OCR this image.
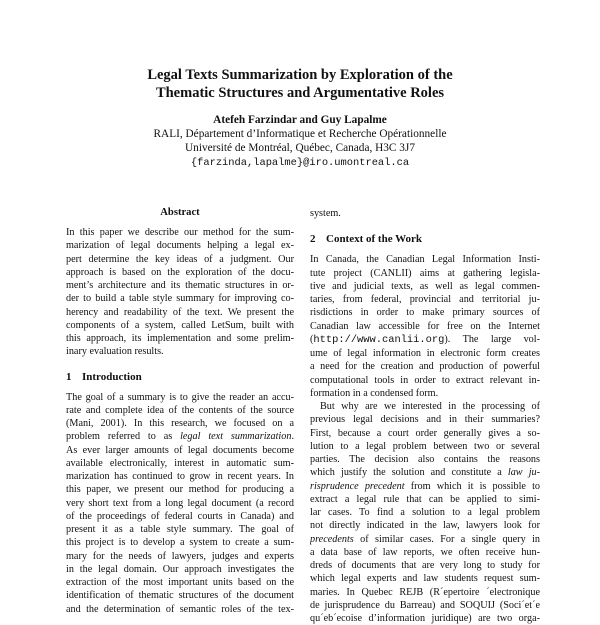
Legal Texts Summarization by Exploration of the
Thematic Structures and Argumentative Roles
Atefeh Farzindar and Guy Lapalme
RALI, Département d’Informatique et Recherche Opérationnelle
Université de Montréal, Québec, Canada, H3C 3J7
{farzinda,lapalme}@iro.umontreal.ca
Abstract
In this paper we describe our method for the sum-
marization of legal documents helping a legal ex-
pert determine the key ideas of a judgment. Our
approach is based on the exploration of the docu-
ment’s architecture and its thematic structures in or-
der to build a table style summary for improving co-
herency and readability of the text. We present the
components of a system, called LetSum, built with
this approach, its implementation and some prelim-
inary evaluation results.
1 Introduction
The goal of a summary is to give the reader an accu-
rate and complete idea of the contents of the source
(Mani, 2001). In this research, we focused on a
problem referred to as legal text summarization.
As ever larger amounts of legal documents become
available electronically, interest in automatic sum-
marization has continued to grow in recent years. In
this paper, we present our method for producing a
very short text from a long legal document (a record
of the proceedings of federal courts in Canada) and
present it as a table style summary. The goal of
this project is to develop a system to create a sum-
mary for the needs of lawyers, judges and experts
in the legal domain. Our approach investigates the
extraction of the most important units based on the
identification of thematic structures of the document
and the determination of semantic roles of the tex-
system.
2 Context of the Work
In Canada, the Canadian Legal Information Insti-
tute project (CANLII) aims at gathering legisla-
tive and judicial texts, as well as legal commen-
taries, from federal, provincial and territorial ju-
risdictions in order to make primary sources of
Canadian law accessible for free on the Internet
(http://www.canlii.org). The large vol-
ume of legal information in electronic form creates
a need for the creation and production of powerful
computational tools in order to extract relevant in-
formation in a condensed form.
But why are we interested in the processing of
previous legal decisions and in their summaries?
First, because a court order generally gives a so-
lution to a legal problem between two or several
parties. The decision also contains the reasons
which justify the solution and constitute a law ju-
risprudence precedent from which it is possible to
extract a legal rule that can be applied to simi-
lar cases. To find a solution to a legal problem
not directly indicated in the law, lawyers look for
precedents of similar cases. For a single query in
a data base of law reports, we often receive hun-
dreds of documents that are very long to study for
which legal experts and law students request sum-
maries. In Quebec REJB (R´epertoire ´electronique
de jurisprudence du Barreau) and SOQUIJ (Soci´et´e
qu´eb´ecoise d’information juridique) are two orga-
